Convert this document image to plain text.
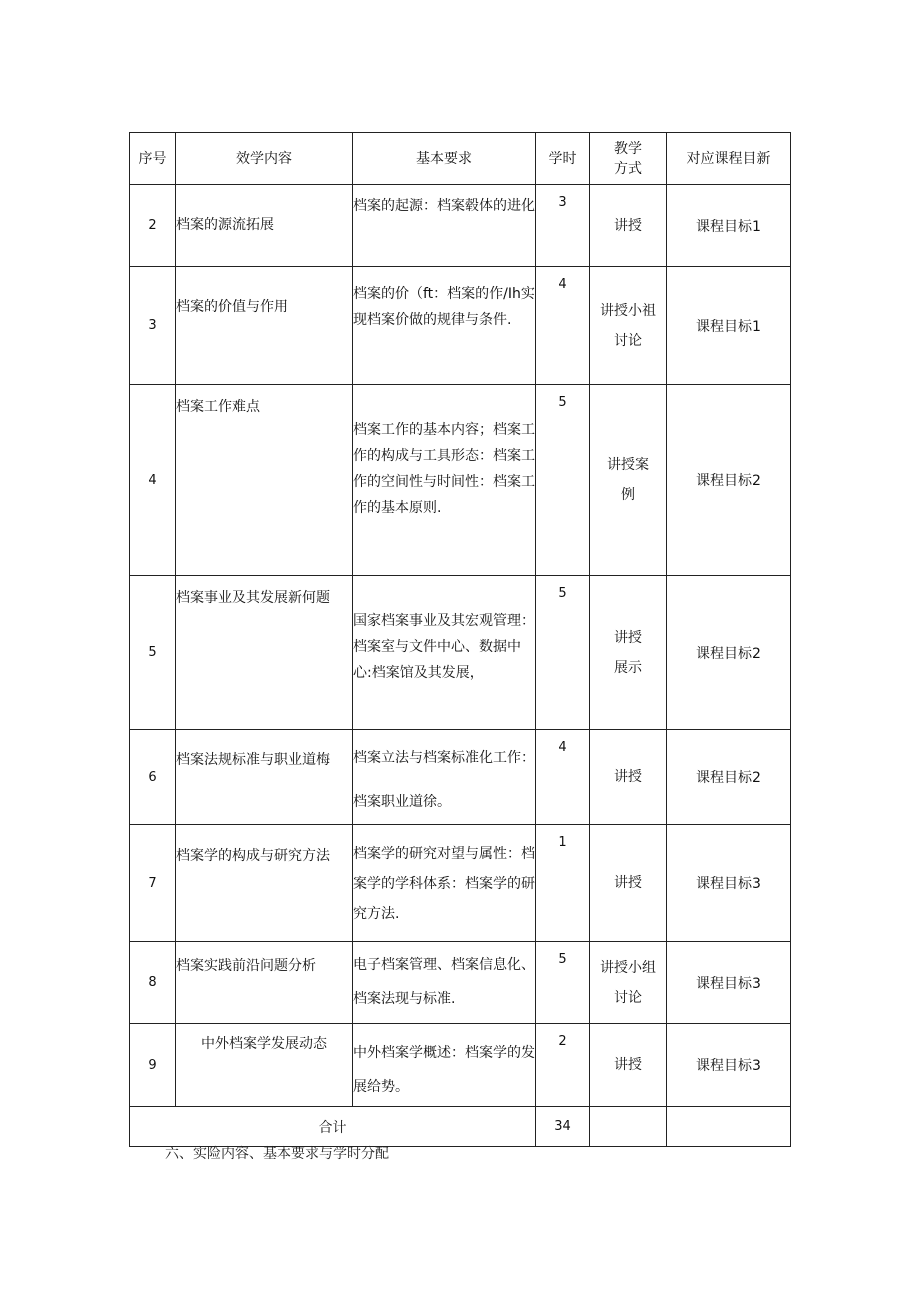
序号	效学内容	基本要求	学时	教学方式	对应课程目新
2	档案的源流拓展	档案的起源：档案毂体的进化	3	讲授	课程目标1
3	档案的价值与作用	档案的价（ft：档案的作/Ih实现档案价做的规律与条件.	4	讲授小祖讨论	课程目标1
4	档案工作难点	档案工作的基本内容；档案工作的构成与工具形态：档案工作的空间性与时间性：档案工作的基本原则.	5	讲授案例	课程目标2
5	档案事业及其发展新何题	国家档案事业及其宏观管理：档案室与文件中心、数据中心:档案馆及其发展，	5	讲授展示	课程目标2
6	档案法规标准与职业道梅	档案立法与档案标准化工作：档案职业道徐。	4	讲授	课程目标2
7	档案学的构成与研究方法	档案学的研究对望与属性：档案学的学科体系：档案学的研究方法.	1	讲授	课程目标3
8	档案实践前沿问题分析	电子档案管理、档案信息化、档案法现与标准.	5	讲授小组讨论	课程目标3
9	中外档案学发展动态	中外档案学概述：档案学的发展给势。	2	讲授	课程目标3
合计			34		
六、实险内容、基本要求与学时分配
